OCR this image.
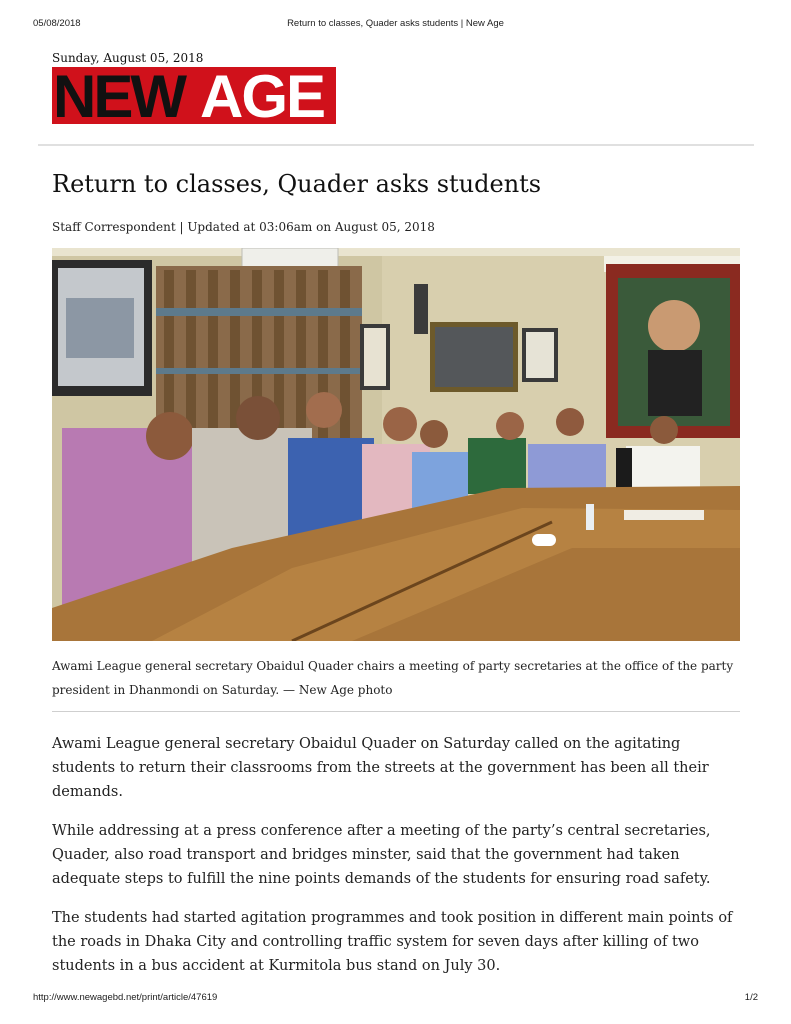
05/08/2018	Return to classes, Quader asks students | New Age
Sunday, August 05, 2018
NEW AGE
Return to classes, Quader asks students
Staff Correspondent | Updated at 03:06am on August 05, 2018
Awami League general secretary Obaidul Quader chairs a meeting of party secretaries at the office of the party president in Dhanmondi on Saturday. — New Age photo

Awami League general secretary Obaidul Quader on Saturday called on the agitating students to return their classrooms from the streets at the government has been all their demands.

While addressing at a press conference after a meeting of the party’s central secretaries, Quader, also road transport and bridges minster, said that the government had taken adequate steps to fulfill the nine points demands of the students for ensuring road safety.

The students had started agitation programmes and took position in different main points of the roads in Dhaka City and controlling traffic system for seven days after killing of two students in a bus accident at Kurmitola bus stand on July 30.

http://www.newagebd.net/print/article/47619	1/2
